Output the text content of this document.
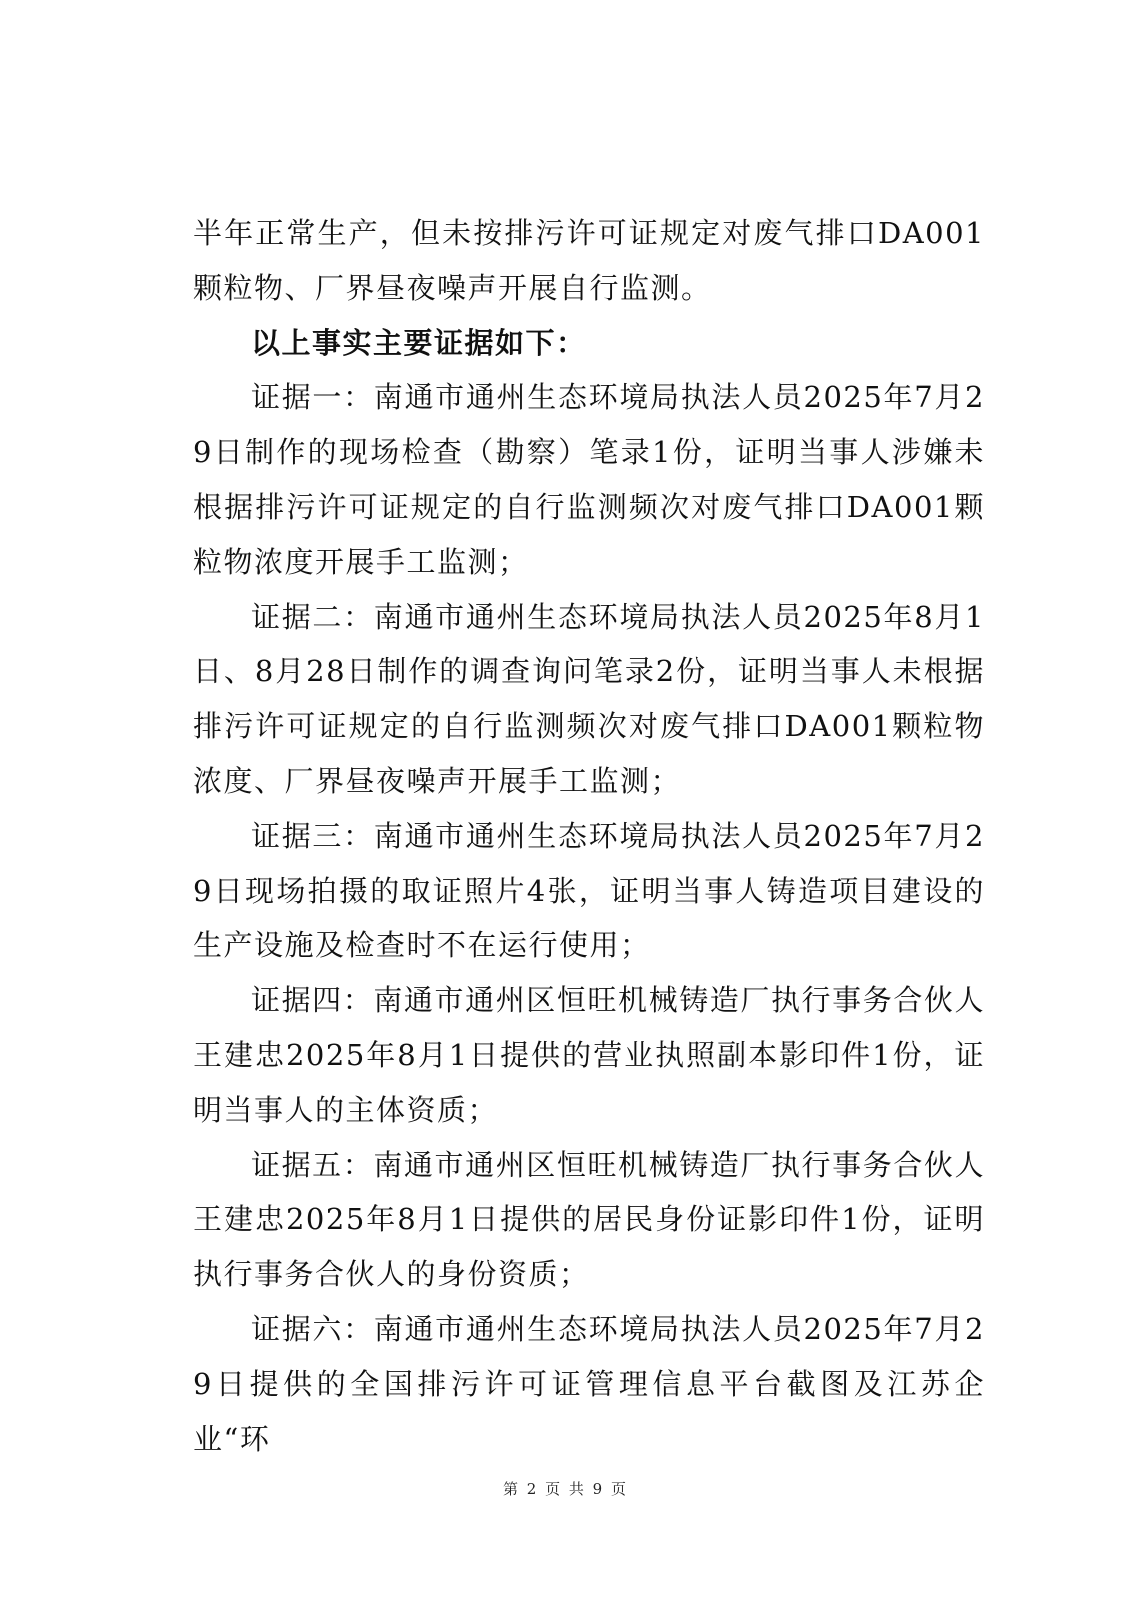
半年正常生产，但未按排污许可证规定对废气排口DA001颗粒物、厂界昼夜噪声开展自行监测。

以上事实主要证据如下：

证据一：南通市通州生态环境局执法人员2025年7月29日制作的现场检查（勘察）笔录1份，证明当事人涉嫌未根据排污许可证规定的自行监测频次对废气排口DA001颗粒物浓度开展手工监测；

证据二：南通市通州生态环境局执法人员2025年8月1日、8月28日制作的调查询问笔录2份，证明当事人未根据排污许可证规定的自行监测频次对废气排口DA001颗粒物浓度、厂界昼夜噪声开展手工监测；

证据三：南通市通州生态环境局执法人员2025年7月29日现场拍摄的取证照片4张，证明当事人铸造项目建设的生产设施及检查时不在运行使用；

证据四：南通市通州区恒旺机械铸造厂执行事务合伙人王建忠2025年8月1日提供的营业执照副本影印件1份，证明当事人的主体资质；

证据五：南通市通州区恒旺机械铸造厂执行事务合伙人王建忠2025年8月1日提供的居民身份证影印件1份，证明执行事务合伙人的身份资质；

证据六：南通市通州生态环境局执法人员2025年7月29日提供的全国排污许可证管理信息平台截图及江苏企业“环

第 2 页 共 9 页
